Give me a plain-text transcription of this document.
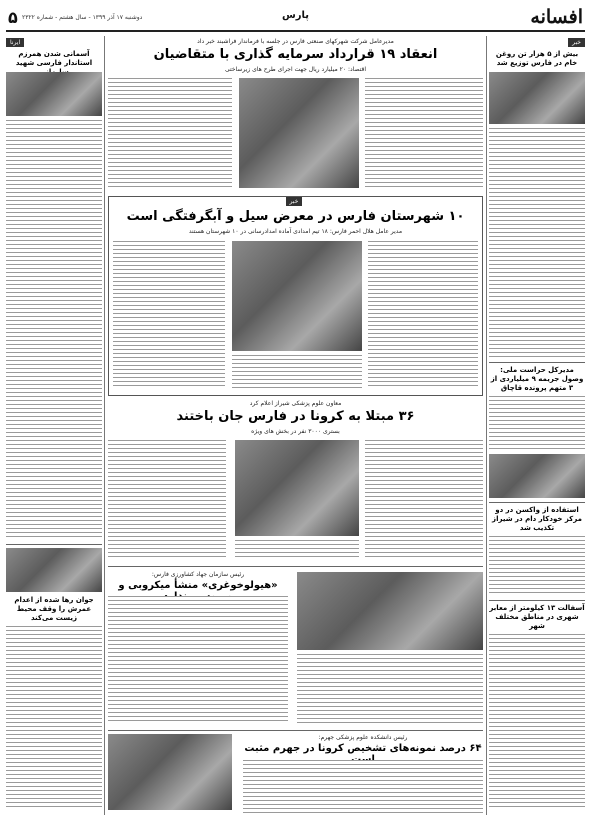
افسانه
پارس
دوشنبه ۱۷ آذر ۱۳۹۹ - سال هشتم - شماره ۲۳۲۲
۵
خبر
بیش از ۵ هزار تن روغن خام در فارس توزیع شد
مدیرکل حراست ملی: وصول جریمه ۹ میلیاردی از ۳ متهم پرونده قاچاق
استفاده از واکسن در دو مرکز خودکار دام در شیراز تکذیب شد
آسفالت ۱۳ کیلومتر از معابر شهری در مناطق مختلف شهر
ایرنا
آسمانی شدن همرزم استاندار فارسی شهید
جوان رها شده از اعدام عمرش را وقف محیط زیست می‌کند
مدیرعامل شرکت شهرکهای صنعتی فارس در جلسه با فرماندار فراشبند خبر داد
انعقاد ۱۹ قرارداد سرمایه گذاری با متقاضیان
اقتصاد: ۲۰ میلیارد ریال جهت اجرای طرح های زیرساختی
خبر
۱۰ شهرستان فارس در معرض سیل و آبگرفتگی است
مدیر عامل هلال احمر فارس: ۱۸ تیم امدادی آماده امدادرسانی در ۱۰ شهرستان هستند
معاون علوم پزشکی شیراز اعلام کرد
۳۶ مبتلا به کرونا در فارس جان باختند
بستری ۳۰۰۰ نفر در بخش های ویژه
رئیس سازمان جهاد کشاورزی فارس:
«هیولوخوغری» منشأ میکروبی و
رئیس دانشکده علوم پزشکی جهرم:
۶۴ درصد نمونه‌های تشخیص کرونا در جهرم مثبت
